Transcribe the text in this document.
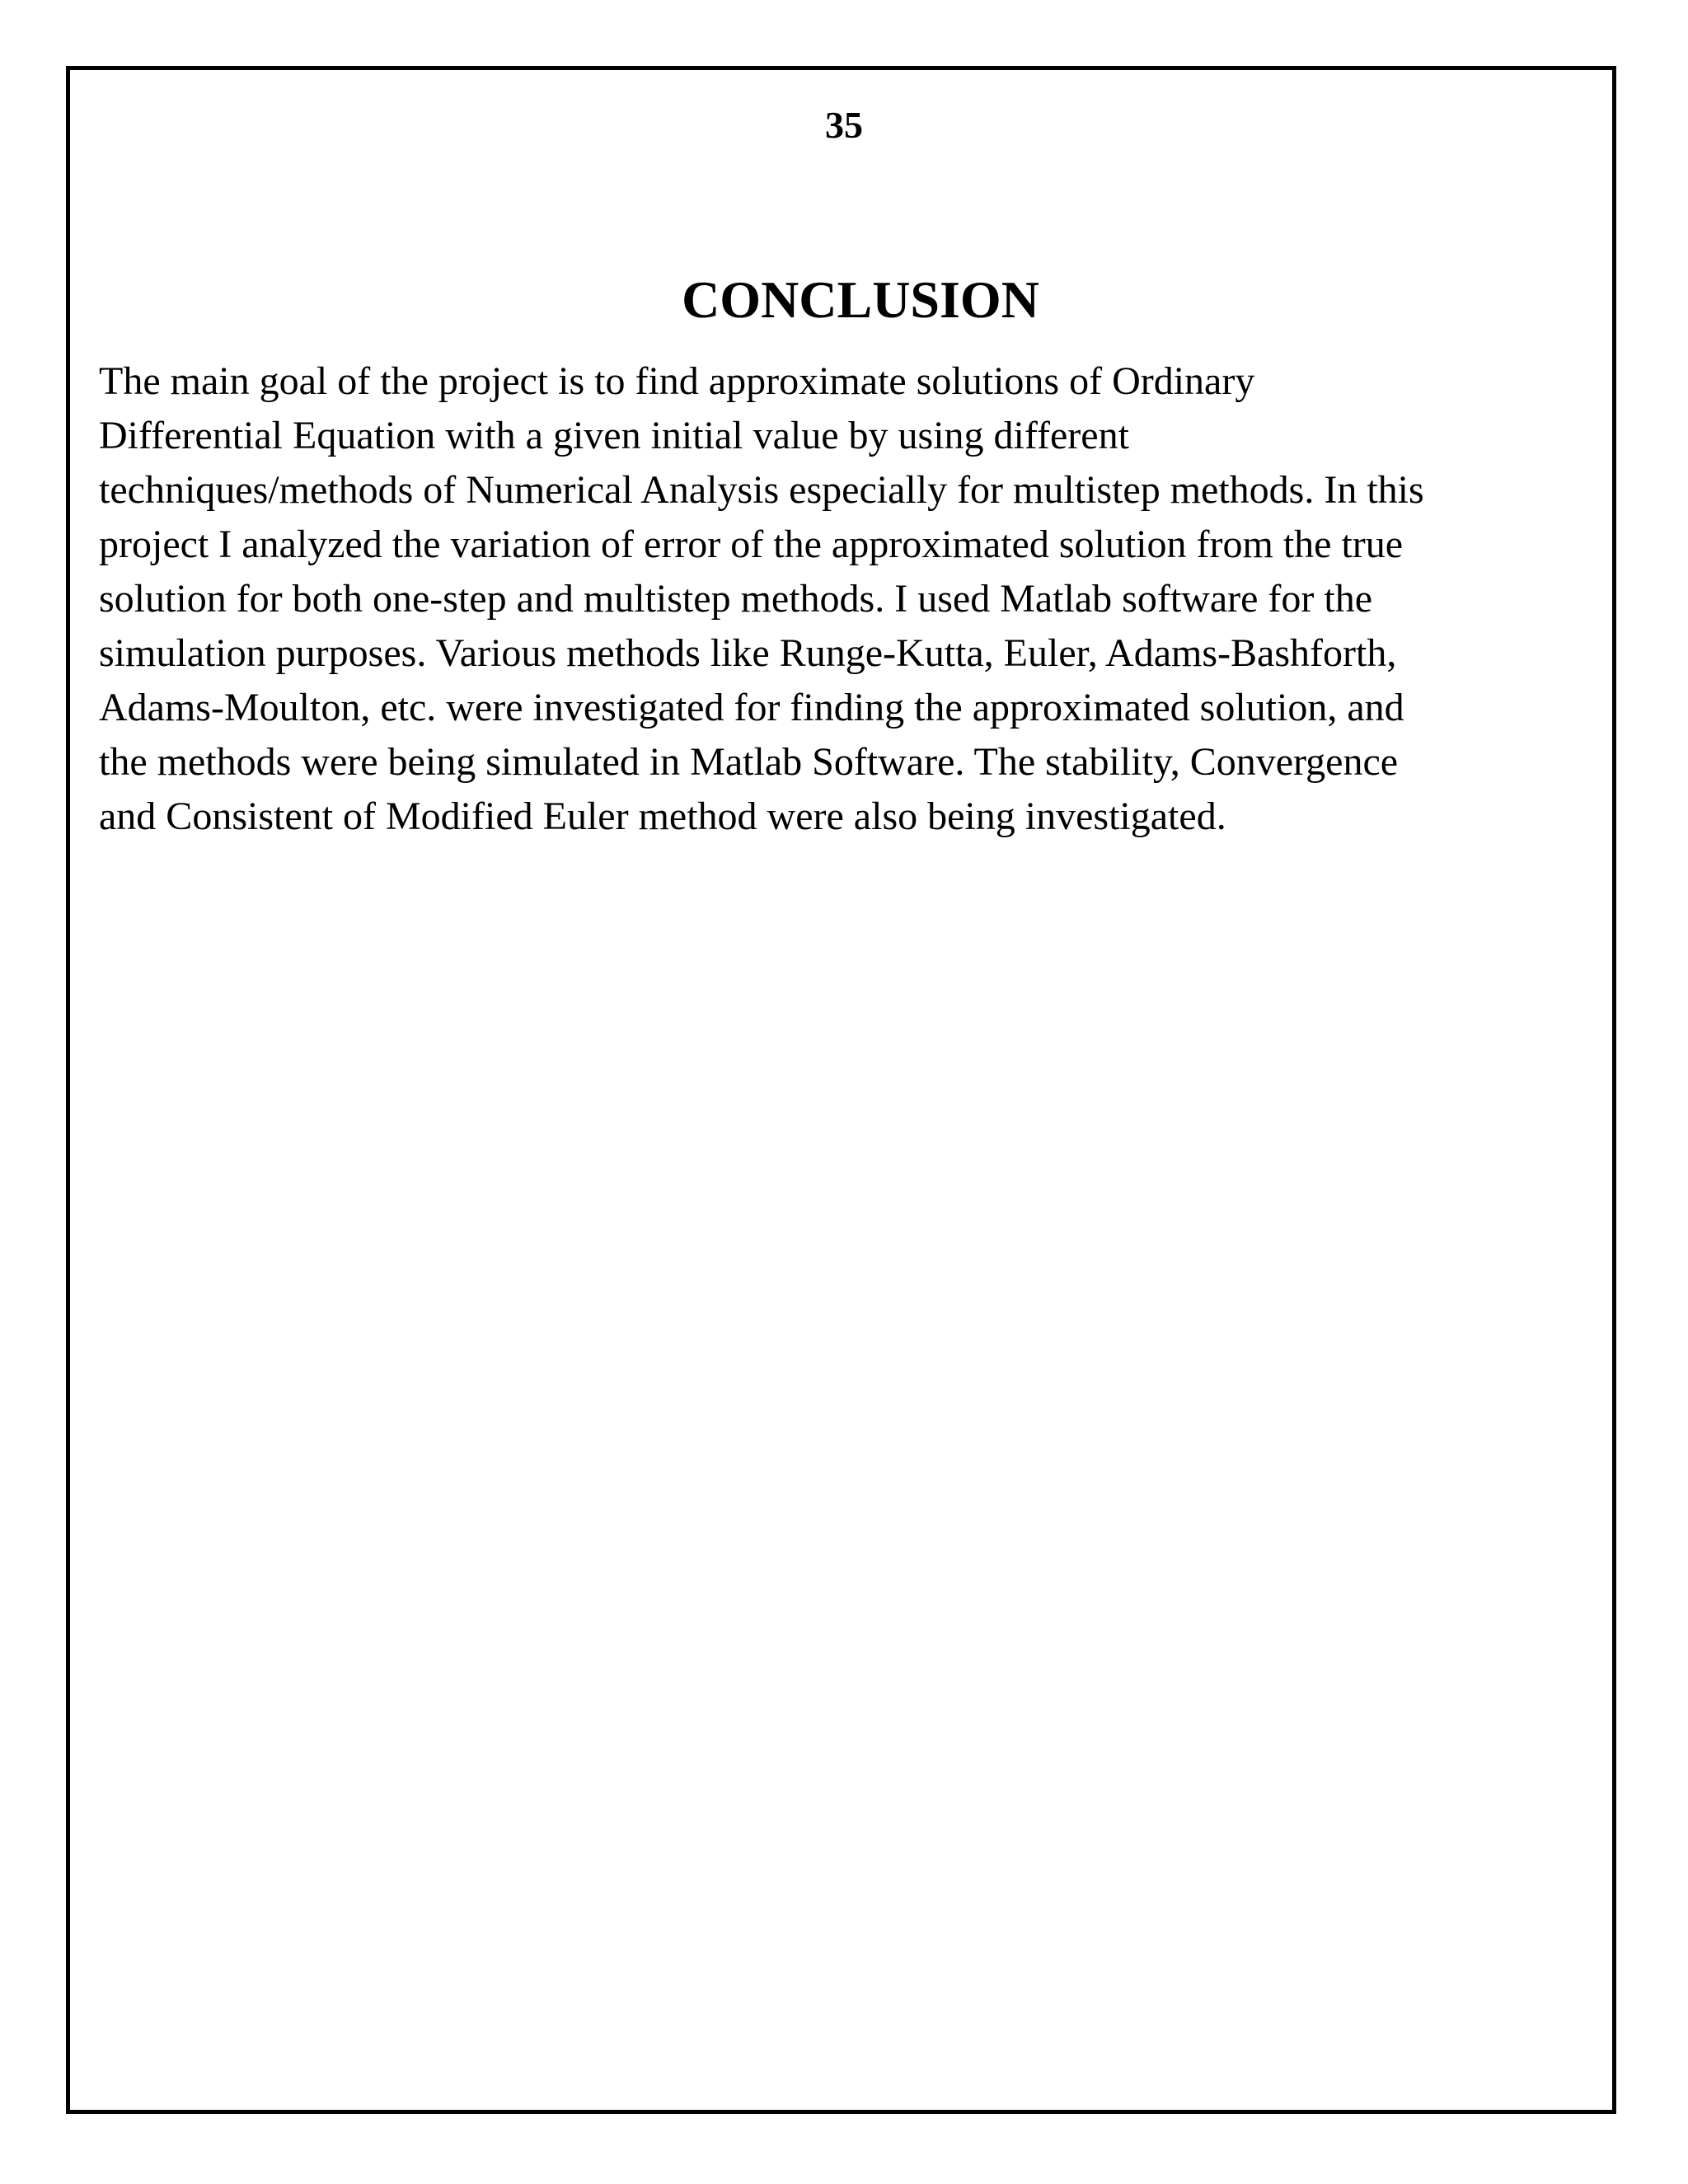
35
CONCLUSION

The main goal of the project is to find approximate solutions of Ordinary
Differential Equation with a given initial value by using different
techniques/methods of Numerical Analysis especially for multistep methods. In this
project I analyzed the variation of error of the approximated solution from the true
solution for both one-step and multistep methods. I used Matlab software for the
simulation purposes. Various methods like Runge-Kutta, Euler, Adams-Bashforth,
Adams-Moulton, etc. were investigated for finding the approximated solution, and
the methods were being simulated in Matlab Software. The stability, Convergence
and Consistent of Modified Euler method were also being investigated.
